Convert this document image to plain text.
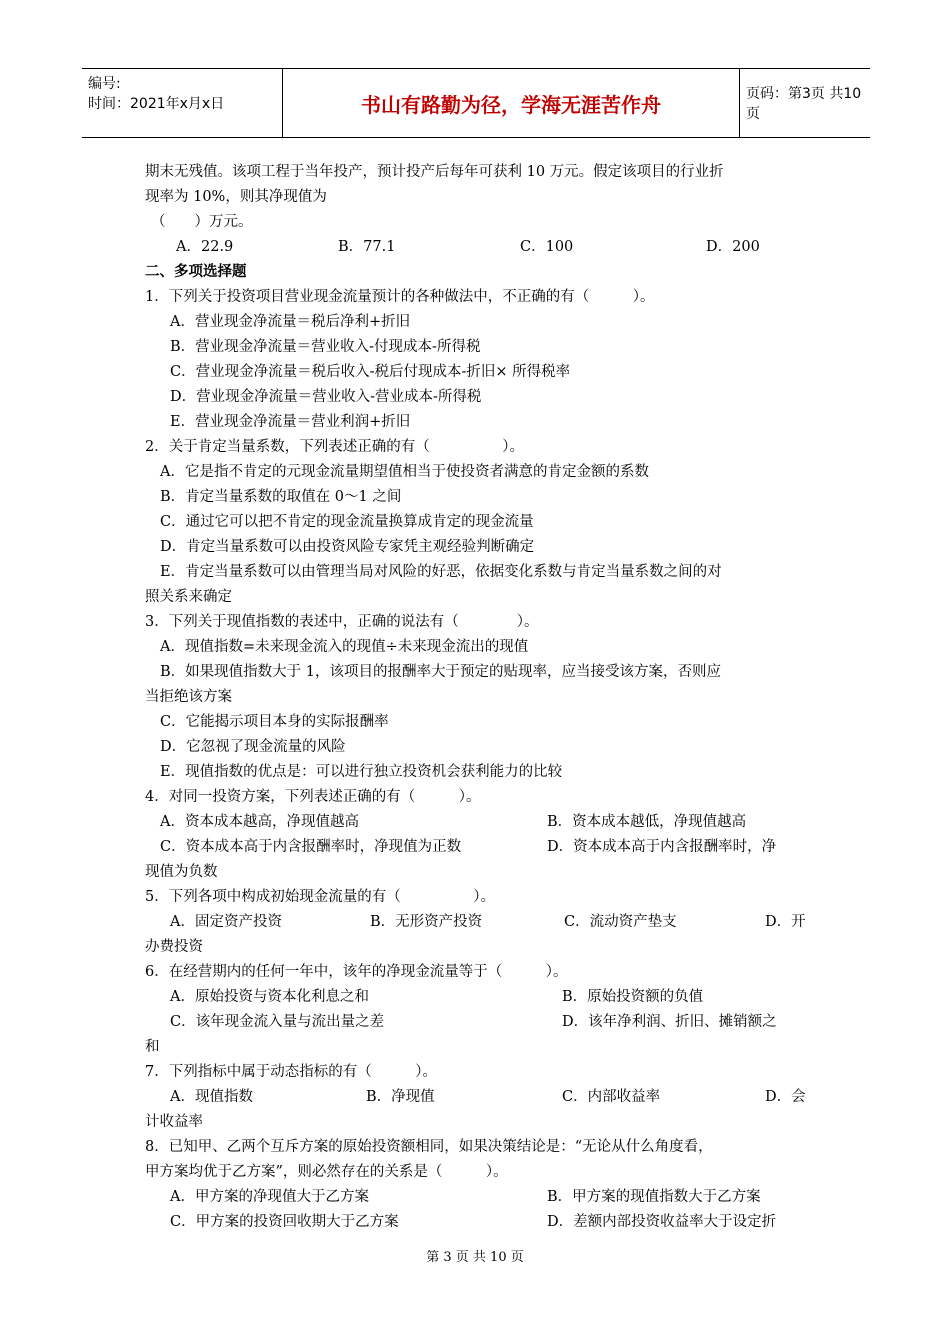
编号:
时间：2021年x月x日	书山有路勤为径，学海无涯苦作舟	页码：第3页 共10页
期末无残值。该项工程于当年投产，预计投产后每年可获利 10 万元。假定该项目的行业折
现率为 10%，则其净现值为
（　　）万元。
A．22.9	B．77.1	C．100	D．200
二、多项选择题
1．下列关于投资项目营业现金流量预计的各种做法中，不正确的有（　　　）。
A．营业现金净流量＝税后净利+折旧
B．营业现金净流量＝营业收入-付现成本-所得税
C．营业现金净流量＝税后收入-税后付现成本-折旧× 所得税率
D．营业现金净流量＝营业收入-营业成本-所得税
E．营业现金净流量＝营业利润+折旧
2．关于肯定当量系数，下列表述正确的有（　　　　　）。
A．它是指不肯定的元现金流量期望值相当于使投资者满意的肯定金额的系数
B．肯定当量系数的取值在 0～1 之间
C．通过它可以把不肯定的现金流量换算成肯定的现金流量
D．肯定当量系数可以由投资风险专家凭主观经验判断确定
E．肯定当量系数可以由管理当局对风险的好恶，依据变化系数与肯定当量系数之间的对
照关系来确定
3．下列关于现值指数的表述中，正确的说法有（　　　　）。
A．现值指数=未来现金流入的现值÷未来现金流出的现值
B．如果现值指数大于 1，该项目的报酬率大于预定的贴现率，应当接受该方案，否则应
当拒绝该方案
C．它能揭示项目本身的实际报酬率
D．它忽视了现金流量的风险
E．现值指数的优点是：可以进行独立投资机会获利能力的比较
4．对同一投资方案，下列表述正确的有（　　　）。
A．资本成本越高，净现值越高	B．资本成本越低，净现值越高
C．资本成本高于内含报酬率时，净现值为正数	D．资本成本高于内含报酬率时，净
现值为负数
5．下列各项中构成初始现金流量的有（　　　　　）。
A．固定资产投资	B．无形资产投资	C．流动资产垫支	D．开
办费投资
6．在经营期内的任何一年中，该年的净现金流量等于（　　　）。
A．原始投资与资本化利息之和	B．原始投资额的负值
C．该年现金流入量与流出量之差	D．该年净利润、折旧、摊销额之
和
7．下列指标中属于动态指标的有（　　　）。
A．现值指数	B．净现值	C．内部收益率	D．会
计收益率
8．已知甲、乙两个互斥方案的原始投资额相同，如果决策结论是：“无论从什么角度看，
甲方案均优于乙方案”，则必然存在的关系是（　　　）。
A．甲方案的净现值大于乙方案	B．甲方案的现值指数大于乙方案
C．甲方案的投资回收期大于乙方案	D．差额内部投资收益率大于设定折
第 3 页 共 10 页
